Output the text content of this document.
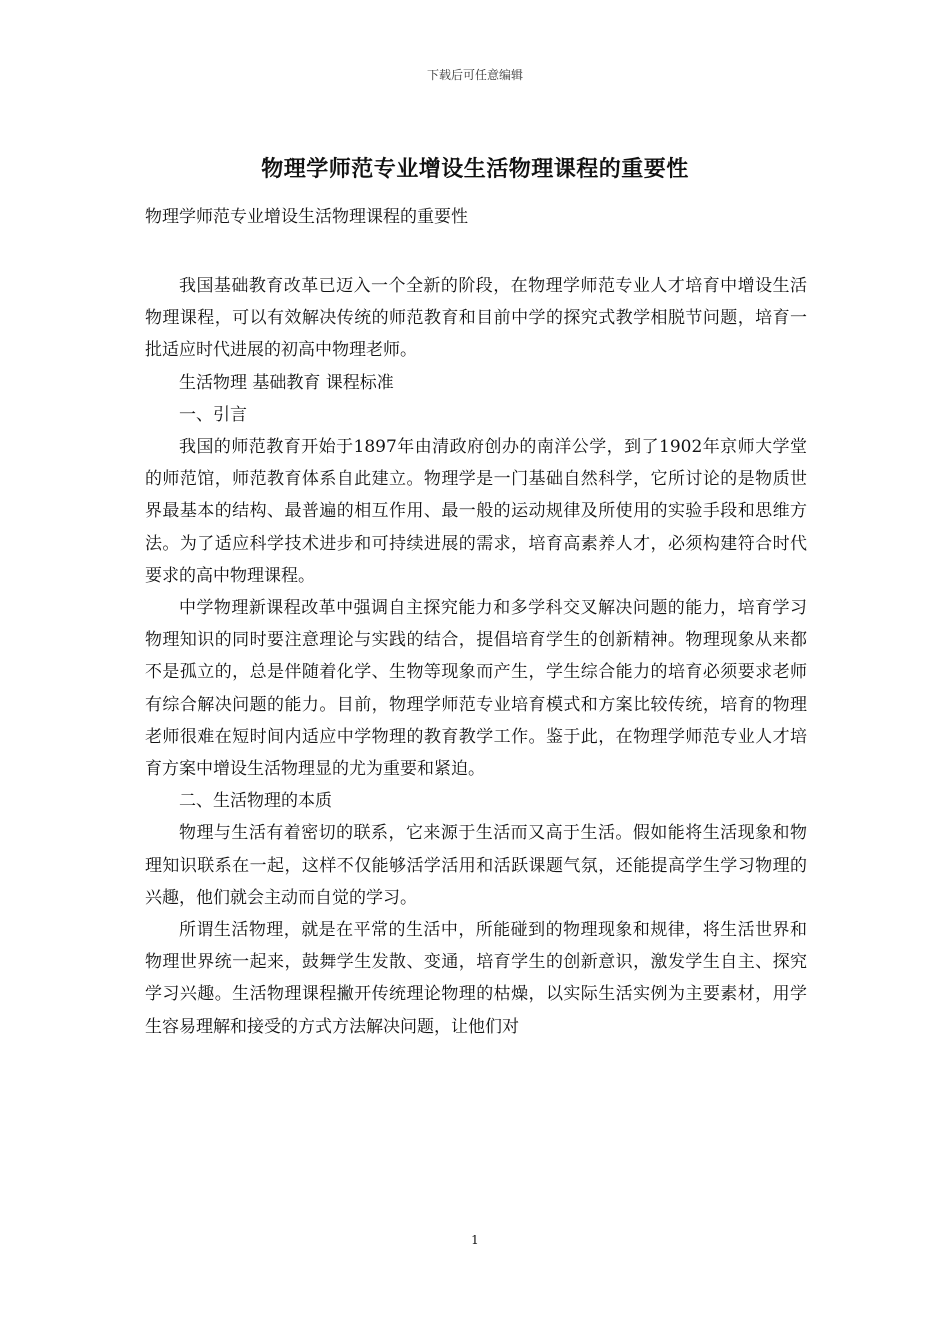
下载后可任意编辑
物理学师范专业增设生活物理课程的重要性
物理学师范专业增设生活物理课程的重要性

我国基础教育改革已迈入一个全新的阶段，在物理学师范专业人才培育中增设生活物理课程，可以有效解决传统的师范教育和目前中学的探究式教学相脱节问题，培育一批适应时代进展的初高中物理老师。

生活物理 基础教育 课程标准

一、引言

我国的师范教育开始于1897年由清政府创办的南洋公学，到了1902年京师大学堂的师范馆，师范教育体系自此建立。物理学是一门基础自然科学，它所讨论的是物质世界最基本的结构、最普遍的相互作用、最一般的运动规律及所使用的实验手段和思维方法。为了适应科学技术进步和可持续进展的需求，培育高素养人才，必须构建符合时代要求的高中物理课程。

中学物理新课程改革中强调自主探究能力和多学科交叉解决问题的能力，培育学习物理知识的同时要注意理论与实践的结合，提倡培育学生的创新精神。物理现象从来都不是孤立的，总是伴随着化学、生物等现象而产生，学生综合能力的培育必须要求老师有综合解决问题的能力。目前，物理学师范专业培育模式和方案比较传统，培育的物理老师很难在短时间内适应中学物理的教育教学工作。鉴于此，在物理学师范专业人才培育方案中增设生活物理显的尤为重要和紧迫。

二、生活物理的本质

物理与生活有着密切的联系，它来源于生活而又高于生活。假如能将生活现象和物理知识联系在一起，这样不仅能够活学活用和活跃课题气氛，还能提高学生学习物理的兴趣，他们就会主动而自觉的学习。

所谓生活物理，就是在平常的生活中，所能碰到的物理现象和规律，将生活世界和物理世界统一起来，鼓舞学生发散、变通，培育学生的创新意识，激发学生自主、探究学习兴趣。生活物理课程撇开传统理论物理的枯燥，以实际生活实例为主要素材，用学生容易理解和接受的方式方法解决问题，让他们对

1
